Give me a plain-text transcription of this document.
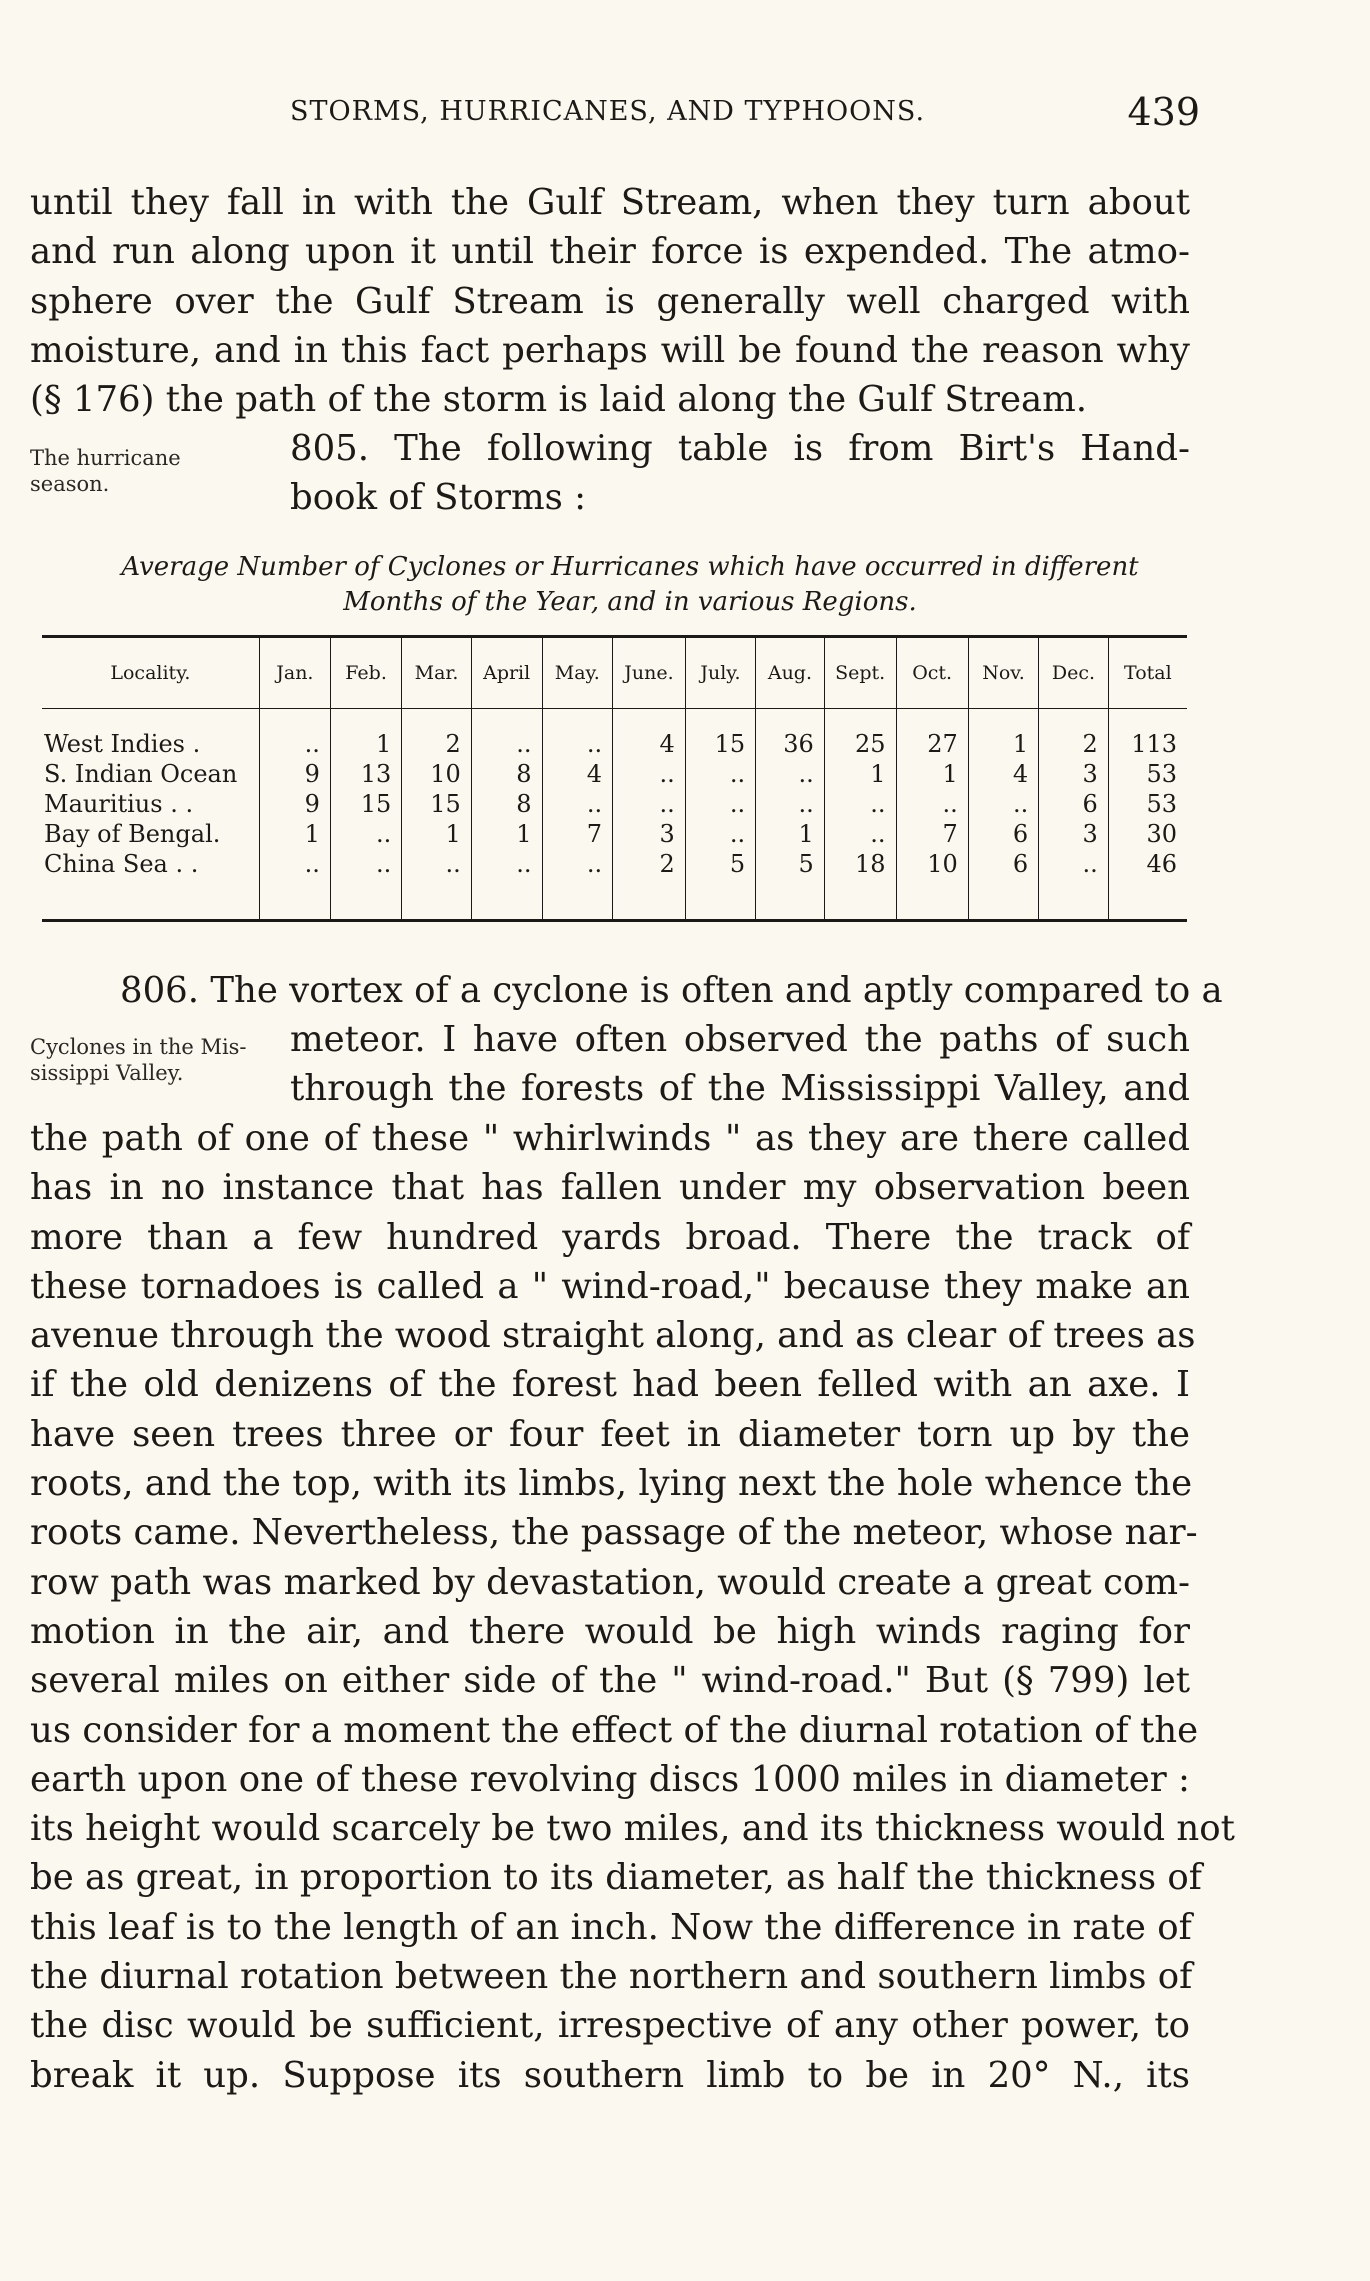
STORMS, HURRICANES, AND TYPHOONS.	439
until they fall in with the Gulf Stream, when they turn about
and run along upon it until their force is expended. The atmo-
sphere over the Gulf Stream is generally well charged with
moisture, and in this fact perhaps will be found the reason why
(§ 176) the path of the storm is laid along the Gulf Stream.
The hurricane
season.
805. The following table is from Birt's Hand-
book of Storms :
Average Number of Cyclones or Hurricanes which have occurred in different
Months of the Year, and in various Regions.
Locality.	Jan.	Feb.	Mar.	April	May.	June.	July.	Aug.	Sept.	Oct.	Nov.	Dec.	Total

West Indies .	..	1	2	..	..	4	15	36	25	27	1	2	113
S. Indian Ocean	9	13	10	8	4	..	..	..	1	1	4	3	53
Mauritius . .	9	15	15	8	..	..	..	..	..	..	..	6	53
Bay of Bengal.	1	..	1	1	7	3	..	1	..	7	6	3	30
China Sea . .	..	..	..	..	..	2	5	5	18	10	6	..	46

Cyclones in the Mis-
sissippi Valley.
806. The vortex of a cyclone is often and aptly compared to a
meteor. I have often observed the paths of such
through the forests of the Mississippi Valley, and
the path of one of these " whirlwinds " as they are there called
has in no instance that has fallen under my observation been
more than a few hundred yards broad. There the track of
these tornadoes is called a " wind-road," because they make an
avenue through the wood straight along, and as clear of trees as
if the old denizens of the forest had been felled with an axe. I
have seen trees three or four feet in diameter torn up by the
roots, and the top, with its limbs, lying next the hole whence the
roots came. Nevertheless, the passage of the meteor, whose nar-
row path was marked by devastation, would create a great com-
motion in the air, and there would be high winds raging for
several miles on either side of the " wind-road." But (§ 799) let
us consider for a moment the effect of the diurnal rotation of the
earth upon one of these revolving discs 1000 miles in diameter :
its height would scarcely be two miles, and its thickness would not
be as great, in proportion to its diameter, as half the thickness of
this leaf is to the length of an inch. Now the difference in rate of
the diurnal rotation between the northern and southern limbs of
the disc would be sufficient, irrespective of any other power, to
break it up. Suppose its southern limb to be in 20° N., its
